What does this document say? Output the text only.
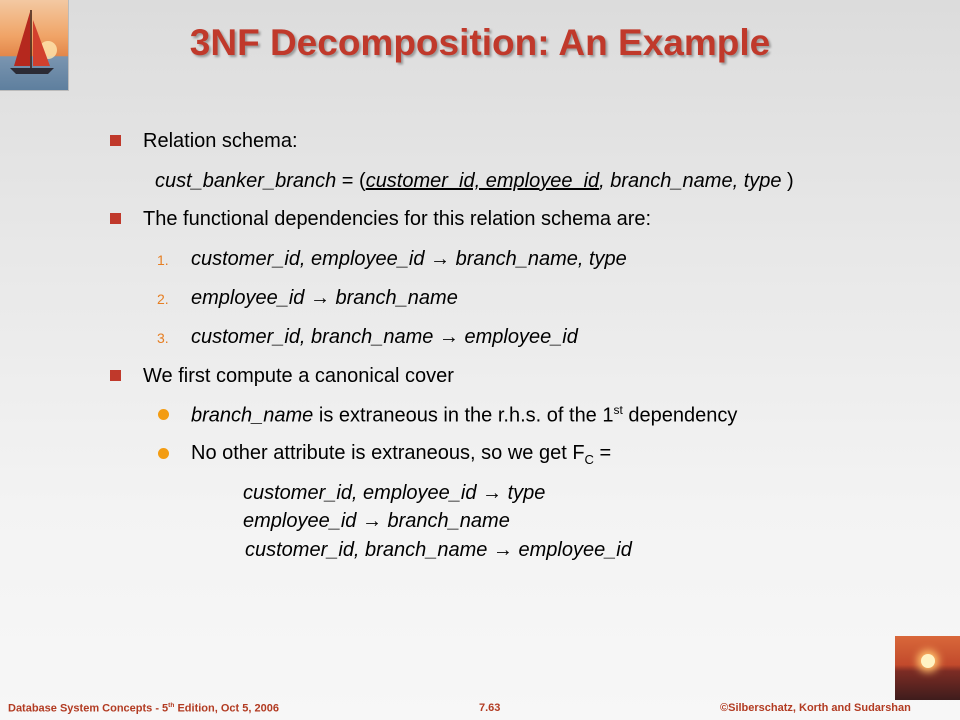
3NF Decomposition: An Example
Relation schema:
cust_banker_branch = (customer_id, employee_id, branch_name, type )
The functional dependencies for this relation schema are:
1. customer_id, employee_id → branch_name, type
2. employee_id → branch_name
3. customer_id, branch_name → employee_id
We first compute a canonical cover
branch_name is extraneous in the r.h.s. of the 1st dependency
No other attribute is extraneous, so we get $F_C$ =
customer_id, employee_id → type
employee_id → branch_name
customer_id, branch_name → employee_id
Database System Concepts - 5th Edition, Oct 5, 2006	7.63	©Silberschatz, Korth and Sudarshan
